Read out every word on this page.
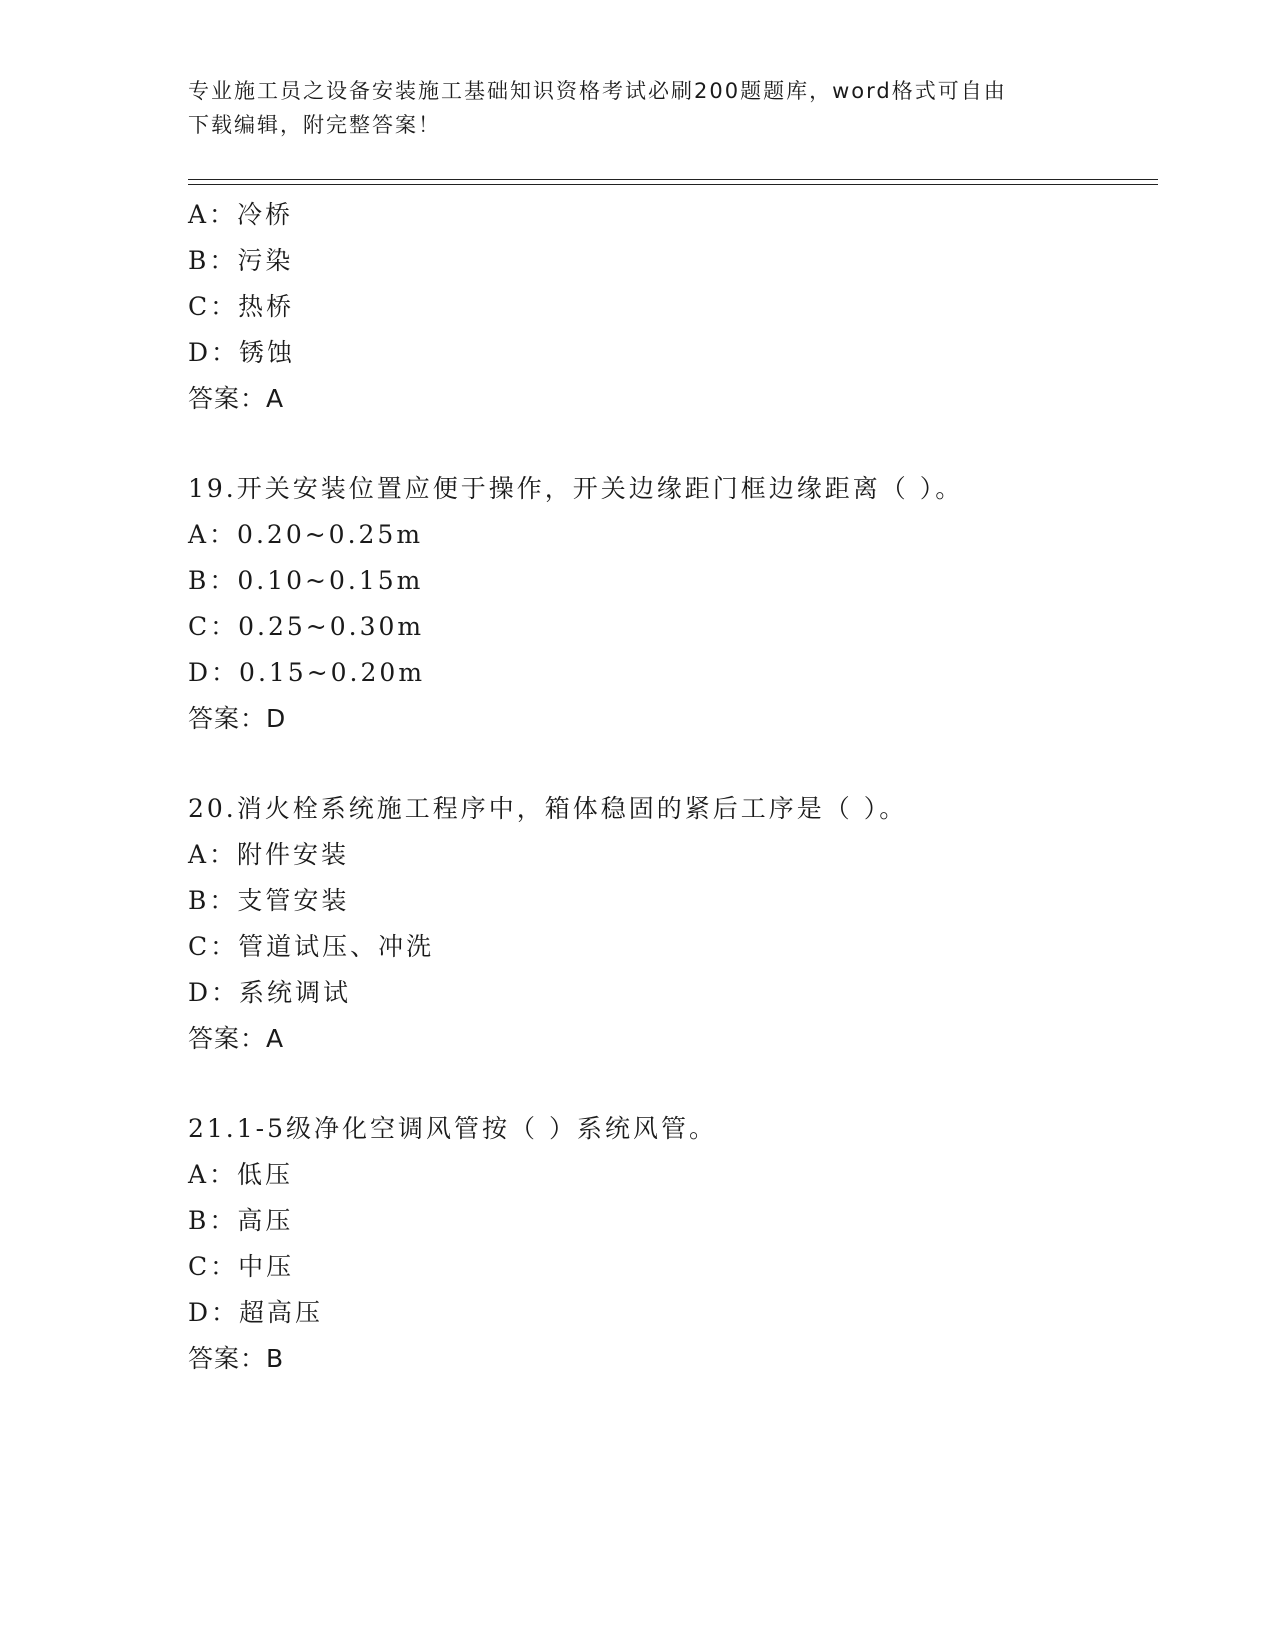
专业施工员之设备安装施工基础知识资格考试必刷200题题库，word格式可自由
下载编辑，附完整答案！
A：冷桥
B：污染
C：热桥
D：锈蚀
答案：A
19.开关安装位置应便于操作，开关边缘距门框边缘距离（ ）。
A：0.20~0.25m
B：0.10~0.15m
C：0.25~0.30m
D：0.15~0.20m
答案：D
20.消火栓系统施工程序中，箱体稳固的紧后工序是（ ）。
A：附件安装
B：支管安装
C：管道试压、冲洗
D：系统调试
答案：A
21.1-5级净化空调风管按（ ）系统风管。
A：低压
B：高压
C：中压
D：超高压
答案：B
